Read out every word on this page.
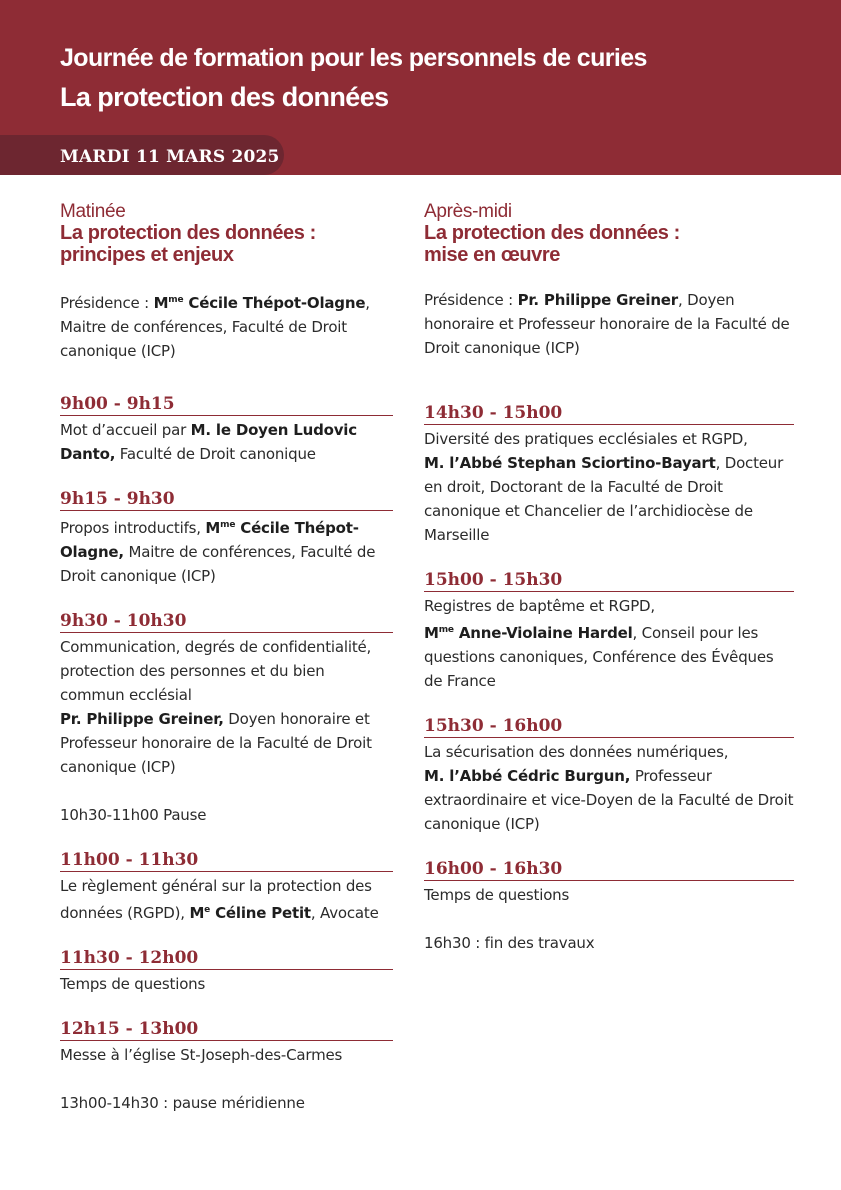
Journée de formation pour les personnels de curies
La protection des données
MARDI 11 MARS 2025
Matinée
La protection des données :
principes et enjeux

Présidence : $M^{me}$ Cécile Thépot-Olagne, Maitre de conférences, Faculté de Droit canonique (ICP)

9h00 - 9h15

Mot d’accueil par M. le Doyen Ludovic Danto, Faculté de Droit canonique

9h15 - 9h30

Propos introductifs, $M^{me}$ Cécile Thépot-Olagne, Maitre de conférences, Faculté de Droit canonique (ICP)

9h30 - 10h30

Communication, degrés de confidentialité, protection des personnes et du bien commun ecclésial

Pr. Philippe Greiner, Doyen honoraire et Professeur honoraire de la Faculté de Droit canonique (ICP)

10h30-11h00 Pause

11h00 - 11h30

Le règlement général sur la protection des données (RGPD), Me Céline Petit, Avocate

11h30 - 12h00

Temps de questions

12h15 - 13h00

Messe à l’église St-Joseph-des-Carmes

13h00-14h30 : pause méridienne

Après-midi
La protection des données :
mise en œuvre

Présidence : Pr. Philippe Greiner, Doyen honoraire et Professeur honoraire de la Faculté de Droit canonique (ICP)

14h30 - 15h00

Diversité des pratiques ecclésiales et RGPD,

M. l’Abbé Stephan Sciortino-Bayart, Docteur en droit, Doctorant de la Faculté de Droit canonique et Chancelier de l’archidiocèse de Marseille

15h00 - 15h30

Registres de baptême et RGPD,

$M^{me}$ Anne-Violaine Hardel, Conseil pour les questions canoniques, Conférence des Évêques de France

15h30 - 16h00

La sécurisation des données numériques,

M. l’Abbé Cédric Burgun, Professeur extraordinaire et vice-Doyen de la Faculté de Droit canonique (ICP)

16h00 - 16h30

Temps de questions

16h30 : fin des travaux
